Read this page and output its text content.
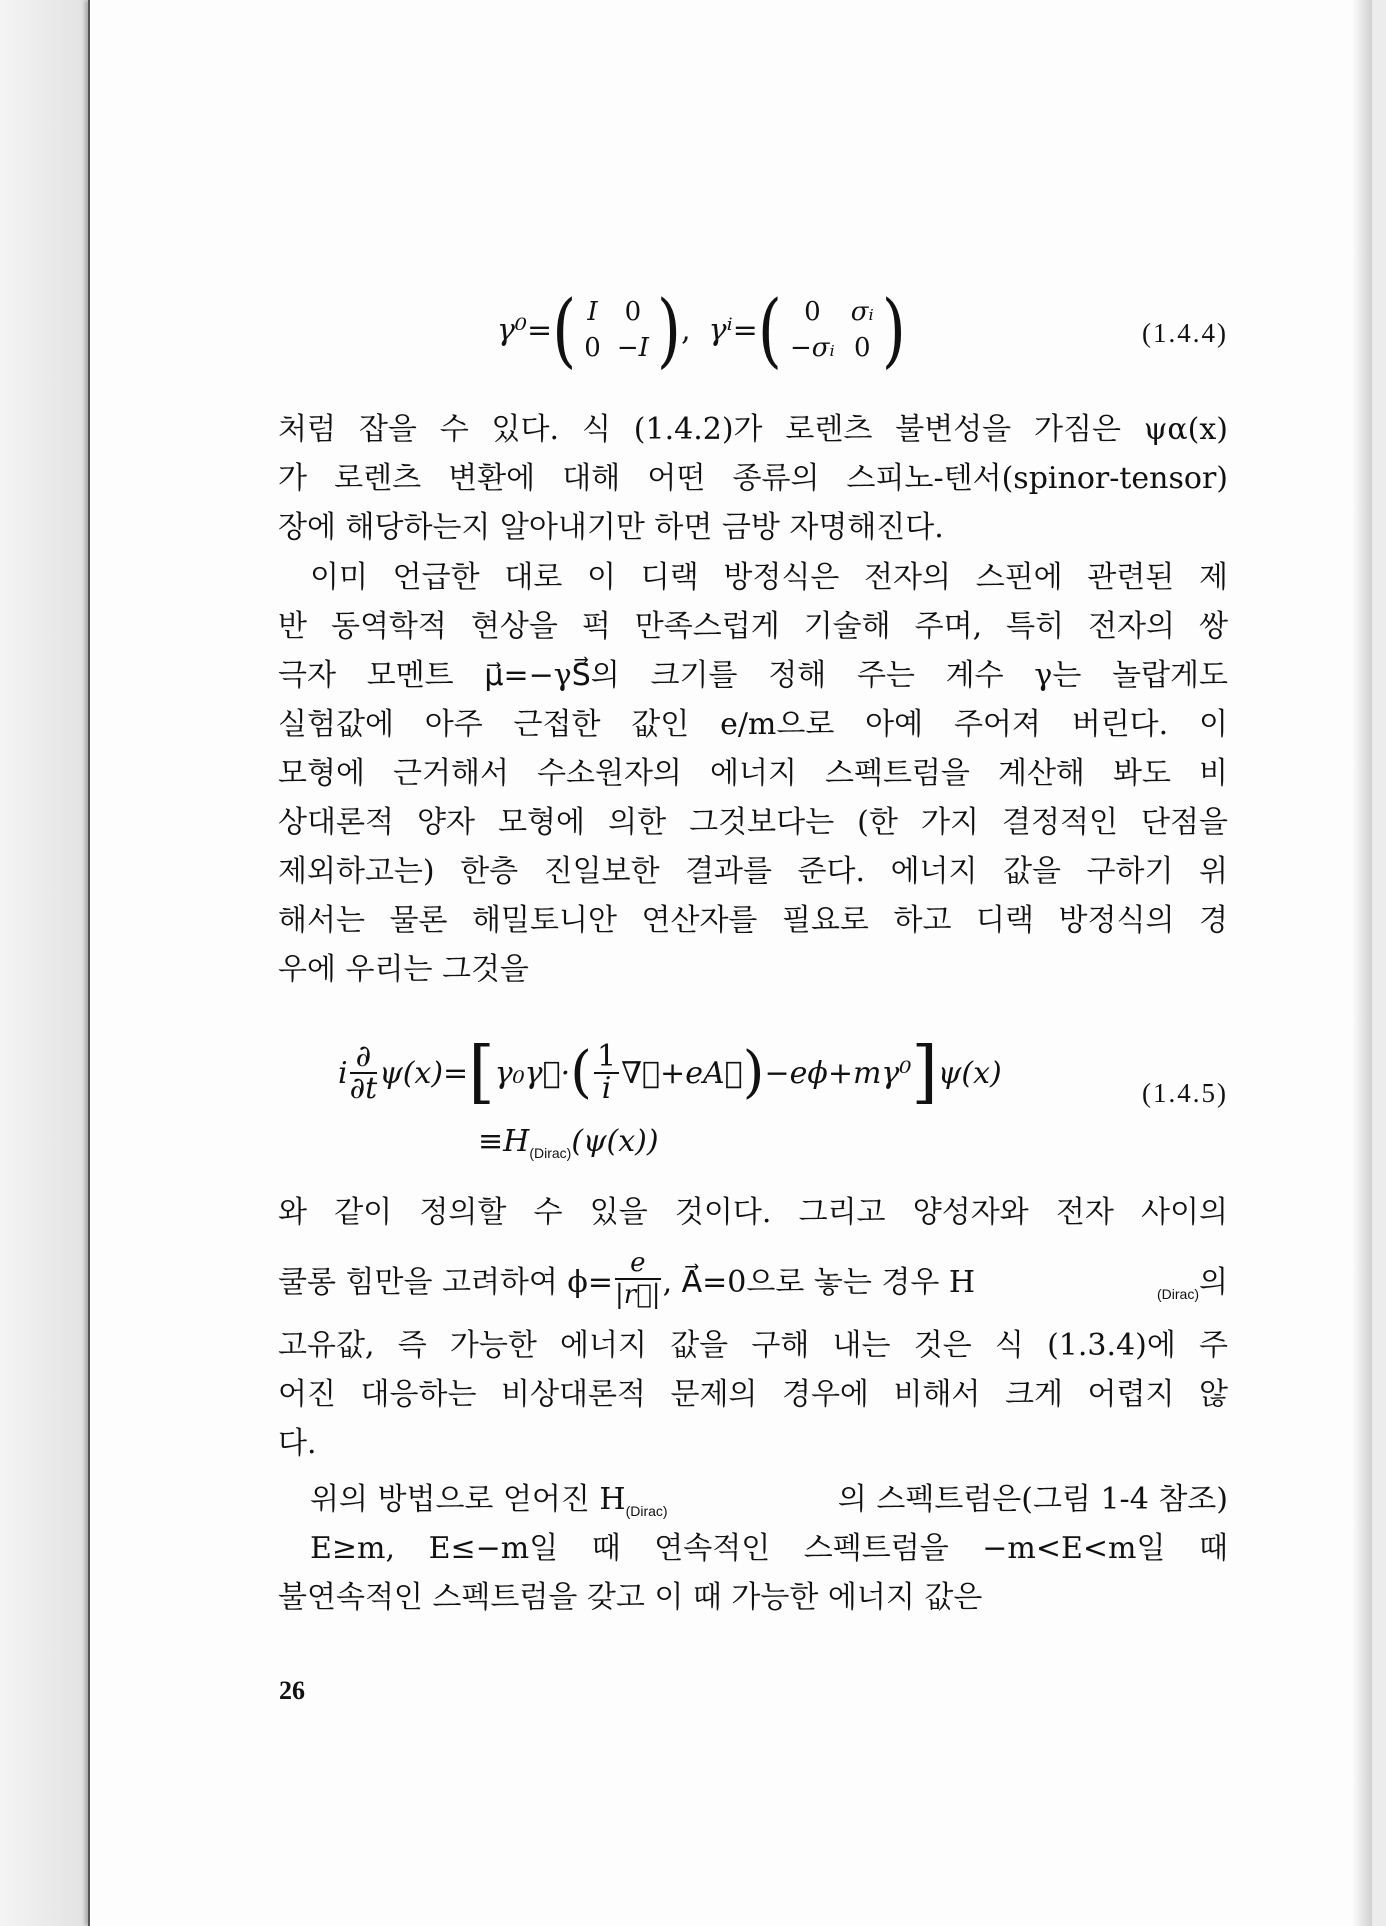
γ⁰= ( I	0
0	−I ) , γⁱ= ( 0	σᵢ
−σᵢ	0 )	(1.4.4)
처럼 잡을 수 있다. 식 (1.4.2)가 로렌츠 불변성을 가짐은 ψα(x)
가 로렌츠 변환에 대해 어떤 종류의 스피노-텐서(spinor-tensor)
장에 해당하는지 알아내기만 하면 금방 자명해진다.
이미 언급한 대로 이 디랙 방정식은 전자의 스핀에 관련된 제
반 동역학적 현상을 퍽 만족스럽게 기술해 주며, 특히 전자의 쌍
극자 모멘트 μ⃗=−γS⃗의 크기를 정해 주는 계수 γ는 놀랍게도
실험값에 아주 근접한 값인 e/m으로 아예 주어져 버린다. 이
모형에 근거해서 수소원자의 에너지 스펙트럼을 계산해 봐도 비
상대론적 양자 모형에 의한 그것보다는 (한 가지 결정적인 단점을
제외하고는) 한층 진일보한 결과를 준다. 에너지 값을 구하기 위
해서는 물론 해밀토니안 연산자를 필요로 하고 디랙 방정식의 경
우에 우리는 그것을
i $\frac{\partial}{\partial t} \psi(x)=$ [ γ₀γ⃗· ( $\frac{1}{i}$ ∇⃗+eA⃗ ) −eϕ+mγ⁰ ] ψ(x)
$\equiv H_{(Dirac)}(\psi(x))$
(1.4.5)
와 같이 정의할 수 있을 것이다. 그리고 양성자와 전자 사이의
쿨롱 힘만을 고려하여 $\phi= \frac{e}{|r⃗|}$ , A⃗=0으로 놓는 경우 H	$_{(Dirac)}$의
고유값, 즉 가능한 에너지 값을 구해 내는 것은 식 (1.3.4)에 주
어진 대응하는 비상대론적 문제의 경우에 비해서 크게 어렵지 않
다.
위의 방법으로 얻어진 H $_{(Dirac)}$	의 스펙트럼은(그림 1-4 참조)
E≥m, E≤−m일 때 연속적인 스펙트럼을 −m<E<m일 때
불연속적인 스펙트럼을 갖고 이 때 가능한 에너지 값은
26
